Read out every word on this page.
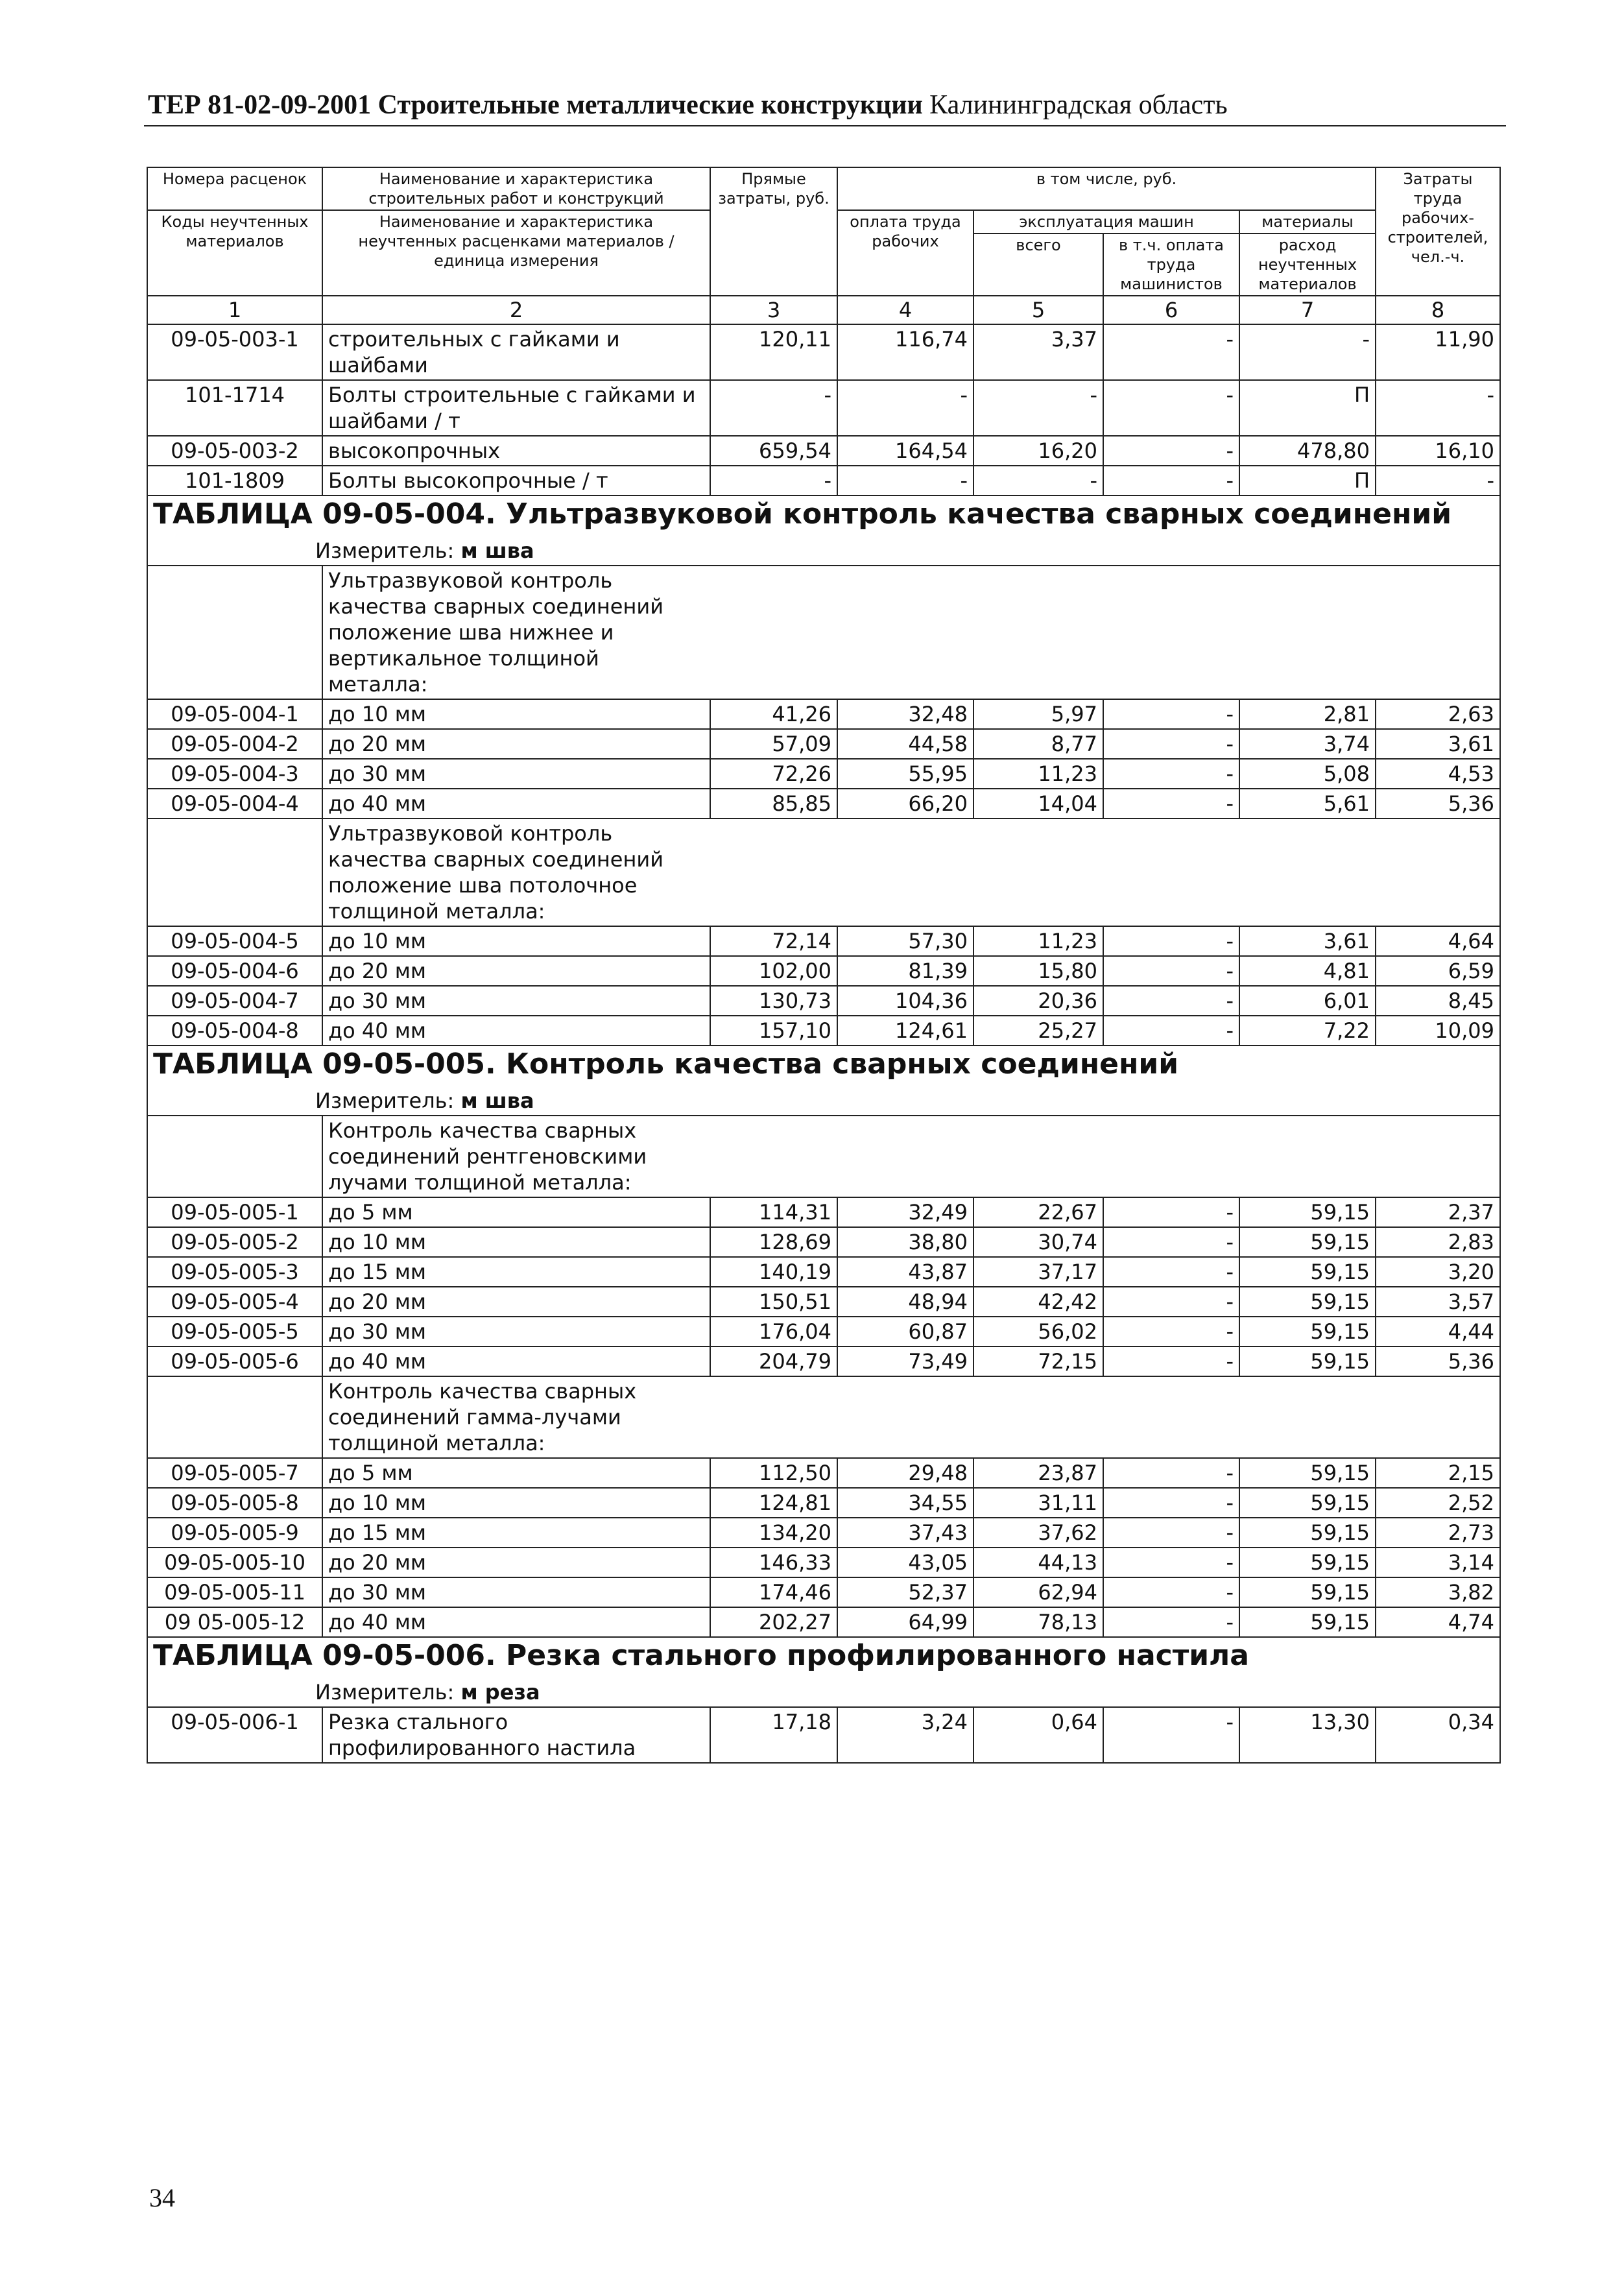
ТЕР 81-02-09-2001 Строительные металлические конструкции Калининградская область
Номера расценок	Наименование и характеристика строительных работ и конструкций	Прямые затраты, руб.	в том числе, руб.				Затраты труда рабочих-строителей, чел.-ч.
Коды неучтенных материалов	Наименование и характеристика неучтенных расценками материалов / единица измерения		оплата труда рабочих	эксплуатация машин		материалы	
				всего	в т.ч. оплата труда машинистов	расход неучтенных материалов	
1	2	3	4	5	6	7	8
09-05-003-1	строительных с гайками и шайбами	120,11	116,74	3,37	-	-	11,90
101-1714	Болты строительные с гайками и шайбами / т	-	-	-	-	П	-
09-05-003-2	высокопрочных	659,54	164,54	16,20	-	478,80	16,10
101-1809	Болты высокопрочные / т	-	-	-	-	П	-

ТАБЛИЦА 09-05-004. Ультразвуковой контроль качества сварных соединений
Измеритель: м шва							

	Ультразвуковой контроль качества сварных соединений положение шва нижнее и вертикальное толщиной металла:						

09-05-004-1	до 10 мм	41,26	32,48	5,97	-	2,81	2,63
09-05-004-2	до 20 мм	57,09	44,58	8,77	-	3,74	3,61
09-05-004-3	до 30 мм	72,26	55,95	11,23	-	5,08	4,53
09-05-004-4	до 40 мм	85,85	66,20	14,04	-	5,61	5,36

	Ультразвуковой контроль качества сварных соединений положение шва потолочное толщиной металла:						

09-05-004-5	до 10 мм	72,14	57,30	11,23	-	3,61	4,64
09-05-004-6	до 20 мм	102,00	81,39	15,80	-	4,81	6,59
09-05-004-7	до 30 мм	130,73	104,36	20,36	-	6,01	8,45
09-05-004-8	до 40 мм	157,10	124,61	25,27	-	7,22	10,09

ТАБЛИЦА 09-05-005. Контроль качества сварных соединений
Измеритель: м шва							

	Контроль качества сварных соединений рентгеновскими лучами толщиной металла:						

09-05-005-1	до 5 мм	114,31	32,49	22,67	-	59,15	2,37
09-05-005-2	до 10 мм	128,69	38,80	30,74	-	59,15	2,83
09-05-005-3	до 15 мм	140,19	43,87	37,17	-	59,15	3,20
09-05-005-4	до 20 мм	150,51	48,94	42,42	-	59,15	3,57
09-05-005-5	до 30 мм	176,04	60,87	56,02	-	59,15	4,44
09-05-005-6	до 40 мм	204,79	73,49	72,15	-	59,15	5,36

	Контроль качества сварных соединений гамма-лучами толщиной металла:						

09-05-005-7	до 5 мм	112,50	29,48	23,87	-	59,15	2,15
09-05-005-8	до 10 мм	124,81	34,55	31,11	-	59,15	2,52
09-05-005-9	до 15 мм	134,20	37,43	37,62	-	59,15	2,73
09-05-005-10	до 20 мм	146,33	43,05	44,13	-	59,15	3,14
09-05-005-11	до 30 мм	174,46	52,37	62,94	-	59,15	3,82
09 05-005-12	до 40 мм	202,27	64,99	78,13	-	59,15	4,74

ТАБЛИЦА 09-05-006. Резка стального профилированного настила
Измеритель: м реза							

09-05-006-1	Резка стального профилированного настила	17,18	3,24	0,64	-	13,30	0,34
34
